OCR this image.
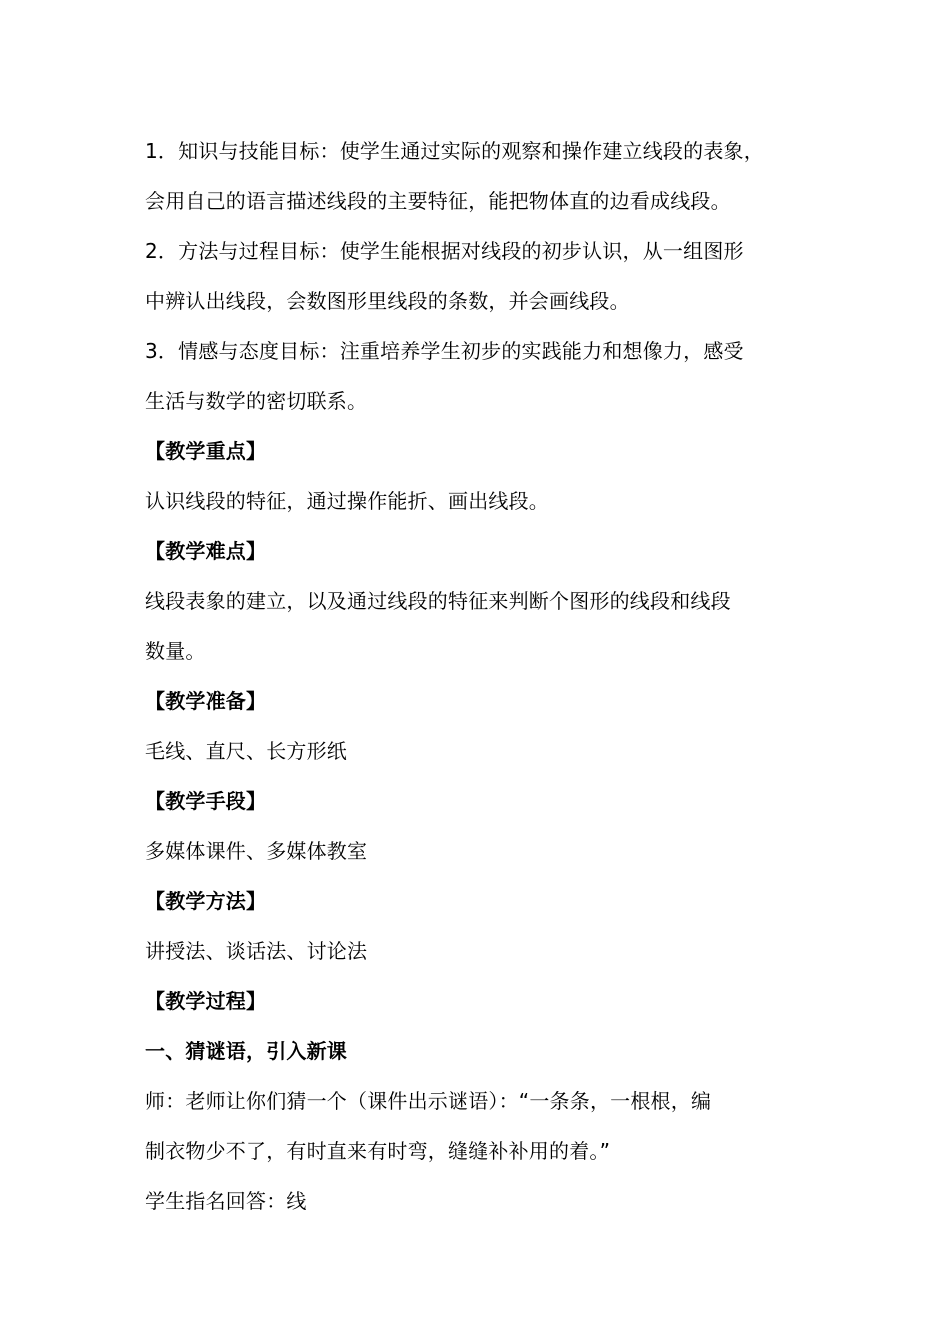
1．知识与技能目标：使学生通过实际的观察和操作建立线段的表象，
会用自己的语言描述线段的主要特征，能把物体直的边看成线段。
2．方法与过程目标：使学生能根据对线段的初步认识，从一组图形
中辨认出线段，会数图形里线段的条数，并会画线段。
3．情感与态度目标：注重培养学生初步的实践能力和想像力，感受
生活与数学的密切联系。
【教学重点】
认识线段的特征，通过操作能折、画出线段。
【教学难点】
线段表象的建立，以及通过线段的特征来判断个图形的线段和线段
数量。
【教学准备】
毛线、直尺、长方形纸
【教学手段】
多媒体课件、多媒体教室
【教学方法】
讲授法、谈话法、讨论法
【教学过程】
一、猜谜语，引入新课
师：老师让你们猜一个（课件出示谜语）：“一条条，一根根，编
制衣物少不了，有时直来有时弯，缝缝补补用的着。”
学生指名回答：线
